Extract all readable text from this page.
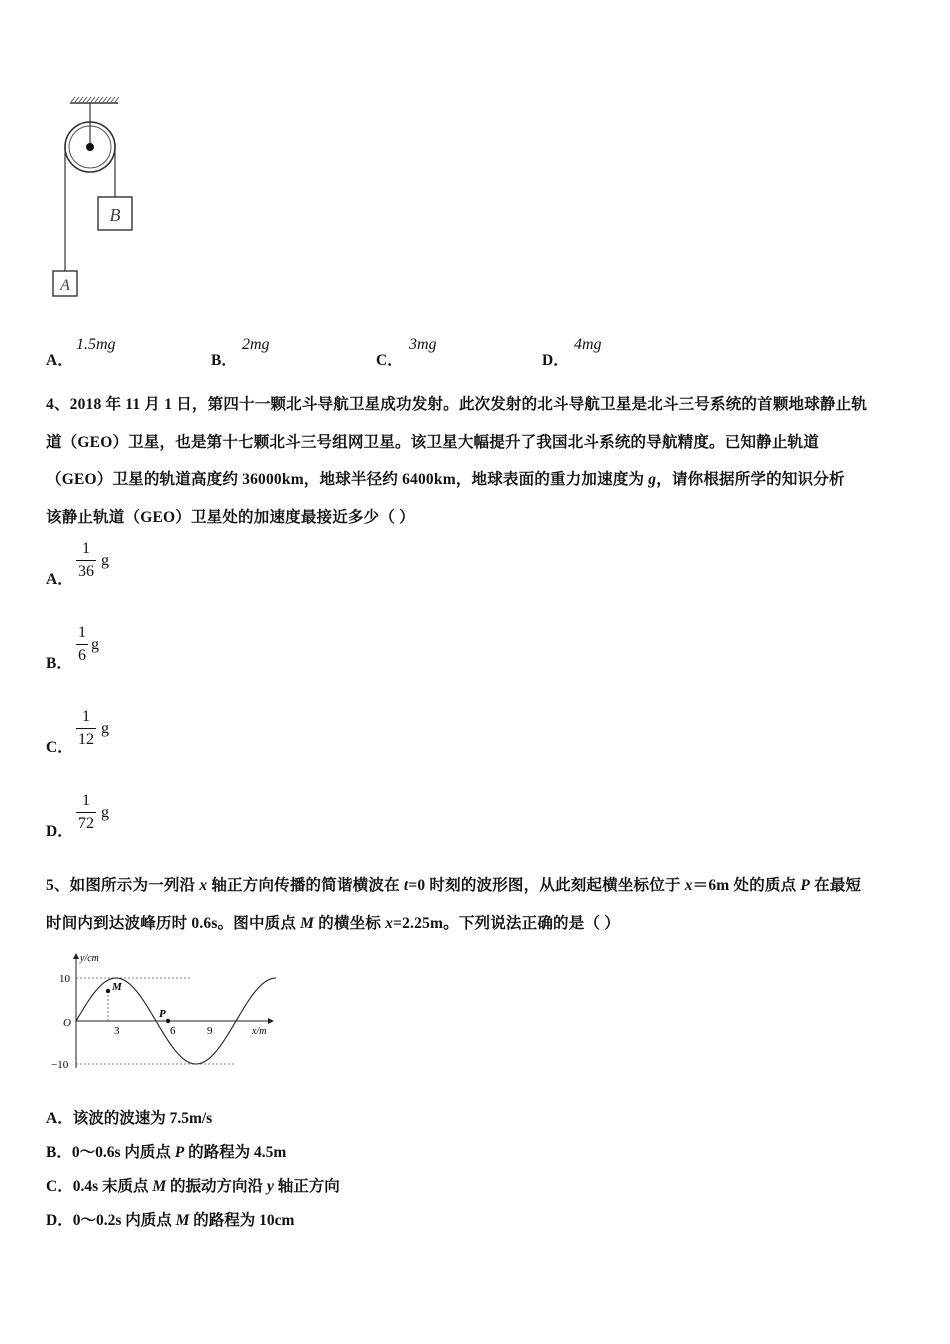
B
A
A．
1.5mg
B．
2mg
C．
3mg
D．
4mg
4、2018 年 11 月 1 日，第四十一颗北斗导航卫星成功发射。此次发射的北斗导航卫星是北斗三号系统的首颗地球静止轨
道（GEO）卫星，也是第十七颗北斗三号组网卫星。该卫星大幅提升了我国北斗系统的导航精度。已知静止轨道
（GEO）卫星的轨道高度约 36000km，地球半径约 6400km，地球表面的重力加速度为 g，请你根据所学的知识分析
该静止轨道（GEO）卫星处的加速度最接近多少（ ）
A．
1
36
g
B．
1
6
g
C．
1
12
g
D．
1
72
g
5、如图所示为一列沿 x 轴正方向传播的简谐横波在 t=0 时刻的波形图，从此刻起横坐标位于 x＝6m 处的质点 P 在最短
时间内到达波峰历时 0.6s。图中质点 M 的横坐标 x=2.25m。下列说法正确的是（ ）
y/cm
x/m
O
10
−10
3	6	9
M
P
A．该波的波速为 7.5m/s
B．0～0.6s 内质点 P 的路程为 4.5m
C．0.4s 末质点 M 的振动方向沿 y 轴正方向
D．0～0.2s 内质点 M 的路程为 10cm
